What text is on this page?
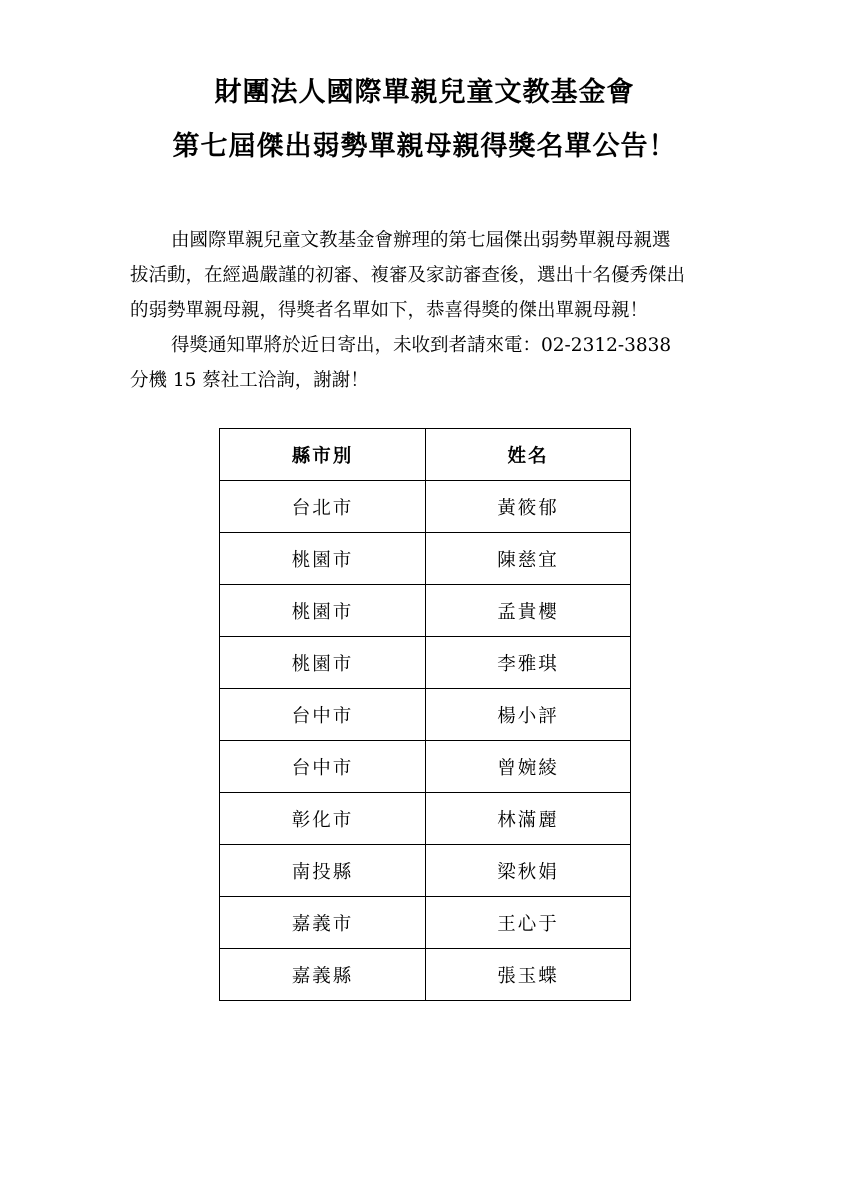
財團法人國際單親兒童文教基金會
第七屆傑出弱勢單親母親得獎名單公告！

由國際單親兒童文教基金會辦理的第七屆傑出弱勢單親母親選
拔活動，在經過嚴謹的初審、複審及家訪審查後，選出十名優秀傑出
的弱勢單親母親，得獎者名單如下，恭喜得獎的傑出單親母親！

得獎通知單將於近日寄出，未收到者請來電：02-2312-3838
分機 15 蔡社工洽詢，謝謝！

縣市別	姓名
台北市	黃筱郁
桃園市	陳慈宜
桃園市	孟貴櫻
桃園市	李雅琪
台中市	楊小評
台中市	曾婉綾
彰化市	林滿麗
南投縣	梁秋娟
嘉義市	王心于
嘉義縣	張玉蝶
